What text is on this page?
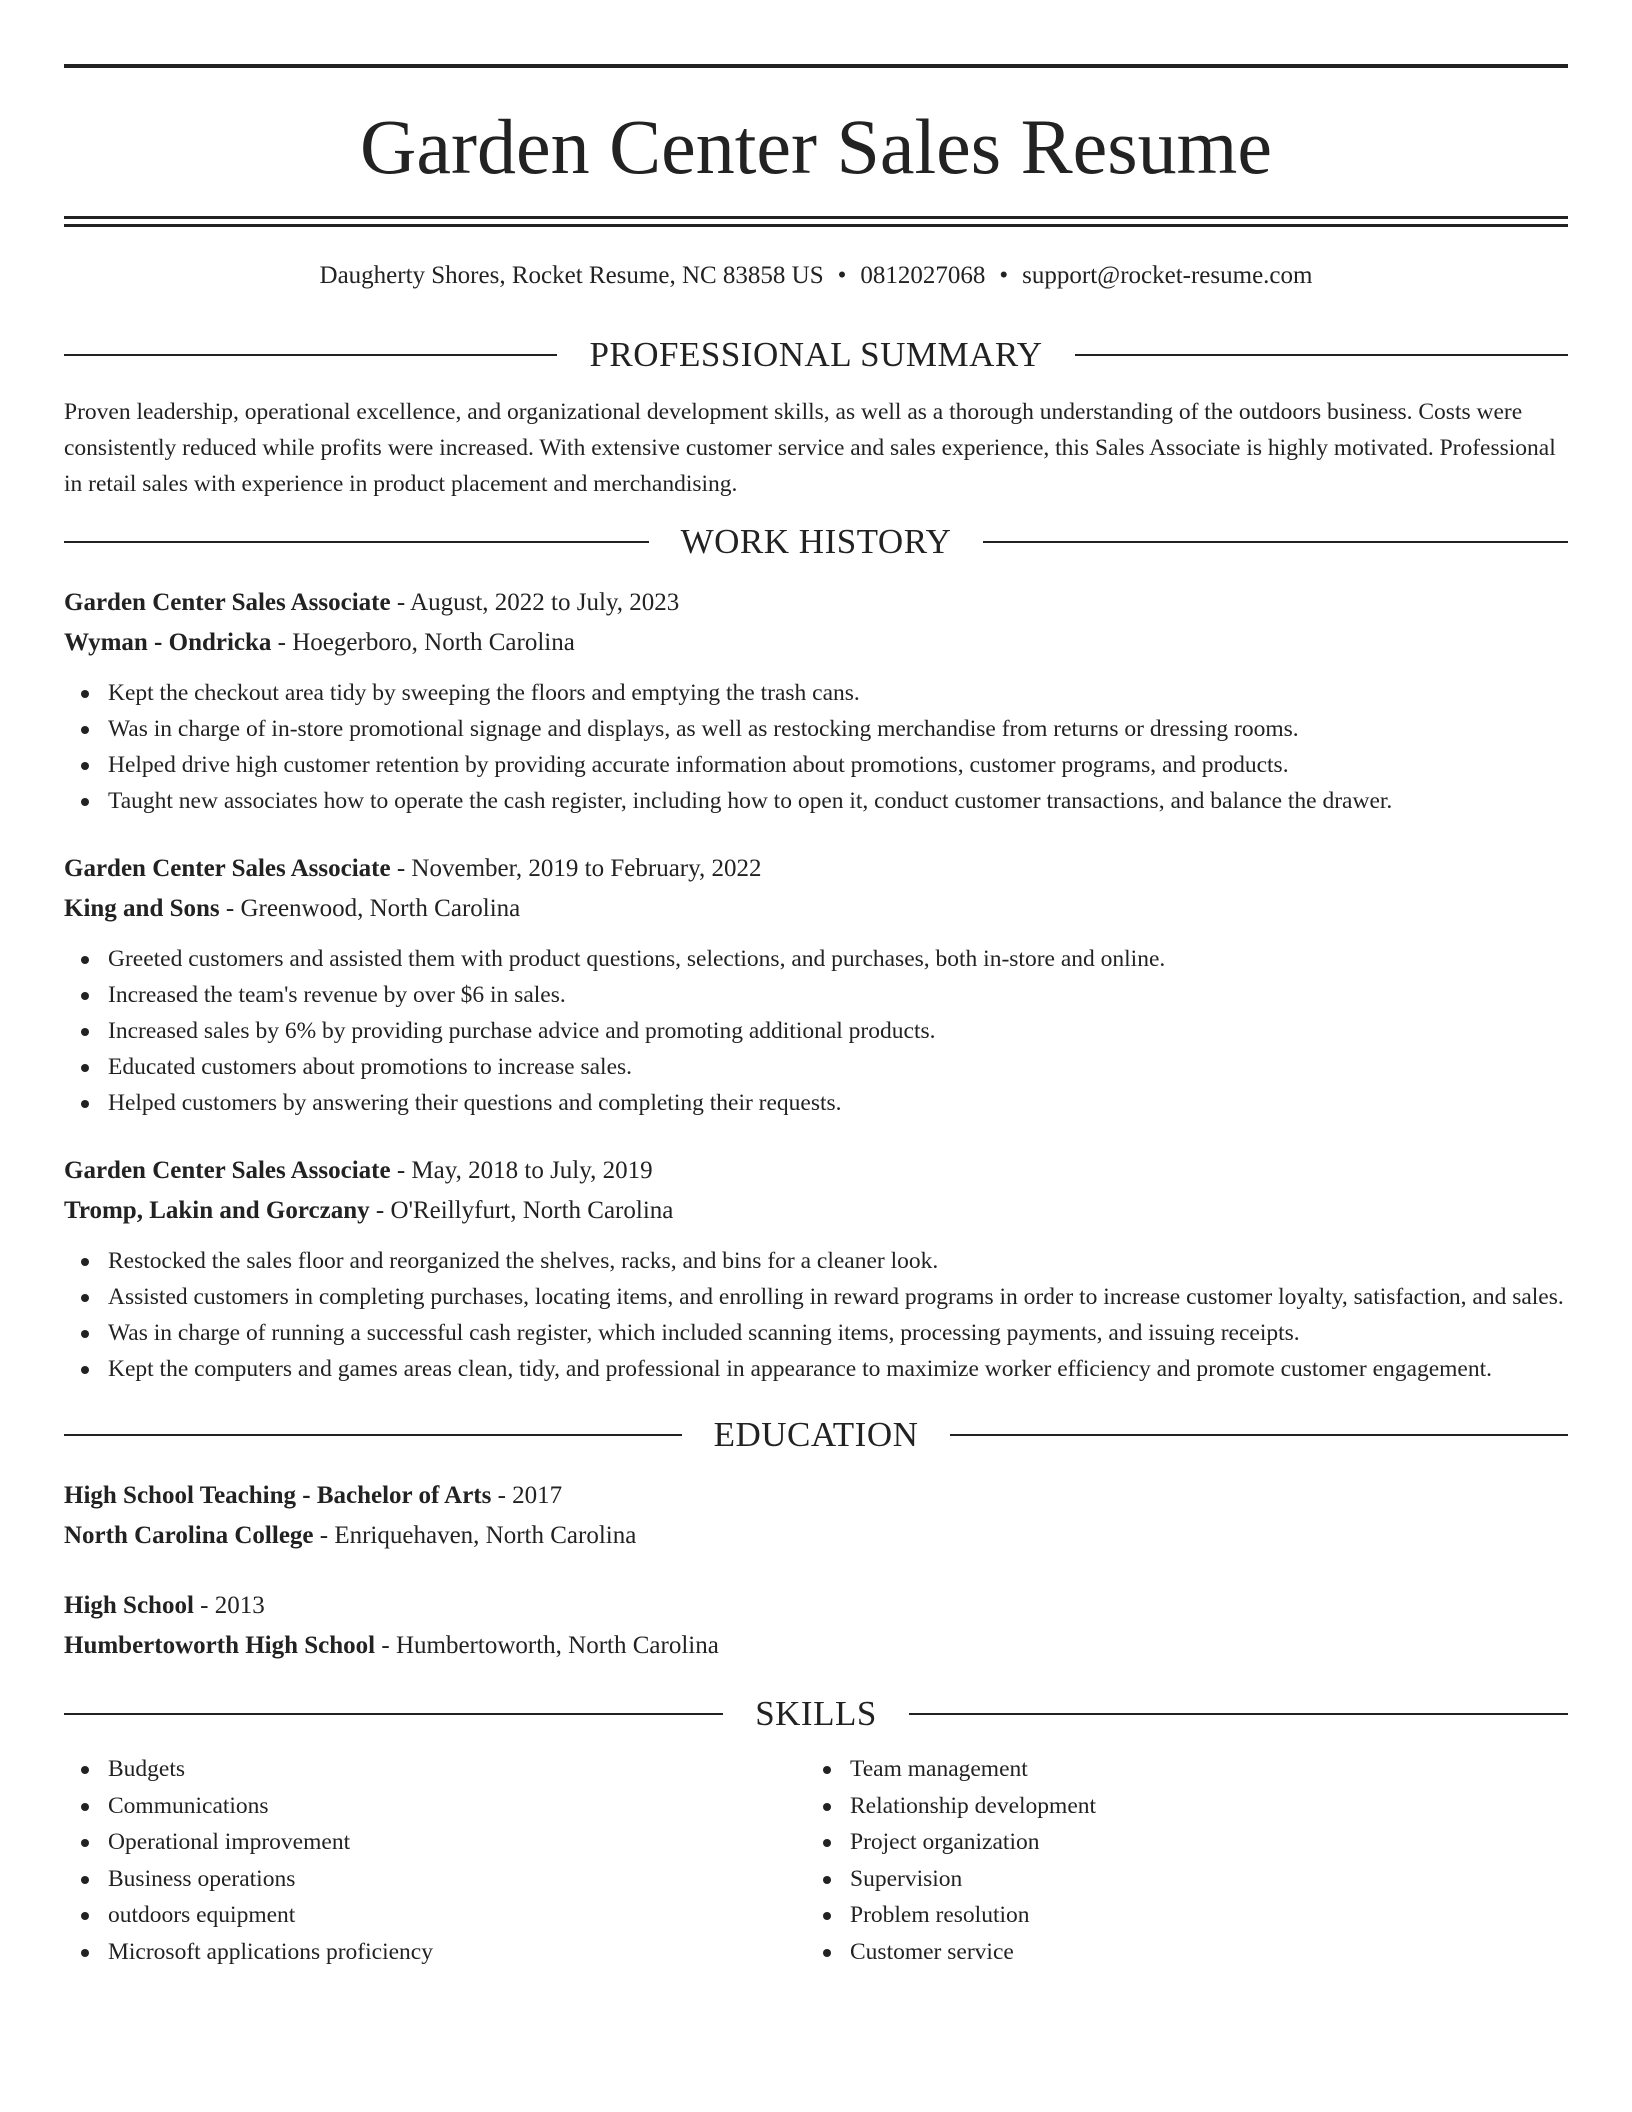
Garden Center Sales Resume
Daugherty Shores, Rocket Resume, NC 83858 US • 0812027068 • support@rocket-resume.com
PROFESSIONAL SUMMARY

Proven leadership, operational excellence, and organizational development skills, as well as a thorough understanding of the outdoors business. Costs were consistently reduced while profits were increased. With extensive customer service and sales experience, this Sales Associate is highly motivated. Professional in retail sales with experience in product placement and merchandising.

WORK HISTORY
Garden Center Sales Associate - August, 2022 to July, 2023
Wyman - Ondricka - Hoegerboro, North Carolina
Kept the checkout area tidy by sweeping the floors and emptying the trash cans.
Was in charge of in-store promotional signage and displays, as well as restocking merchandise from returns or dressing rooms.
Helped drive high customer retention by providing accurate information about promotions, customer programs, and products.
Taught new associates how to operate the cash register, including how to open it, conduct customer transactions, and balance the drawer.
Garden Center Sales Associate - November, 2019 to February, 2022
King and Sons - Greenwood, North Carolina
Greeted customers and assisted them with product questions, selections, and purchases, both in-store and online.
Increased the team's revenue by over $6 in sales.
Increased sales by 6% by providing purchase advice and promoting additional products.
Educated customers about promotions to increase sales.
Helped customers by answering their questions and completing their requests.
Garden Center Sales Associate - May, 2018 to July, 2019
Tromp, Lakin and Gorczany - O'Reillyfurt, North Carolina
Restocked the sales floor and reorganized the shelves, racks, and bins for a cleaner look.
Assisted customers in completing purchases, locating items, and enrolling in reward programs in order to increase customer loyalty, satisfaction, and sales.
Was in charge of running a successful cash register, which included scanning items, processing payments, and issuing receipts.
Kept the computers and games areas clean, tidy, and professional in appearance to maximize worker efficiency and promote customer engagement.
EDUCATION
High School Teaching - Bachelor of Arts - 2017
North Carolina College - Enriquehaven, North Carolina
High School - 2013
Humbertoworth High School - Humbertoworth, North Carolina
SKILLS
Budgets
Communications
Operational improvement
Business operations
outdoors equipment
Microsoft applications proficiency
Team management
Relationship development
Project organization
Supervision
Problem resolution
Customer service
